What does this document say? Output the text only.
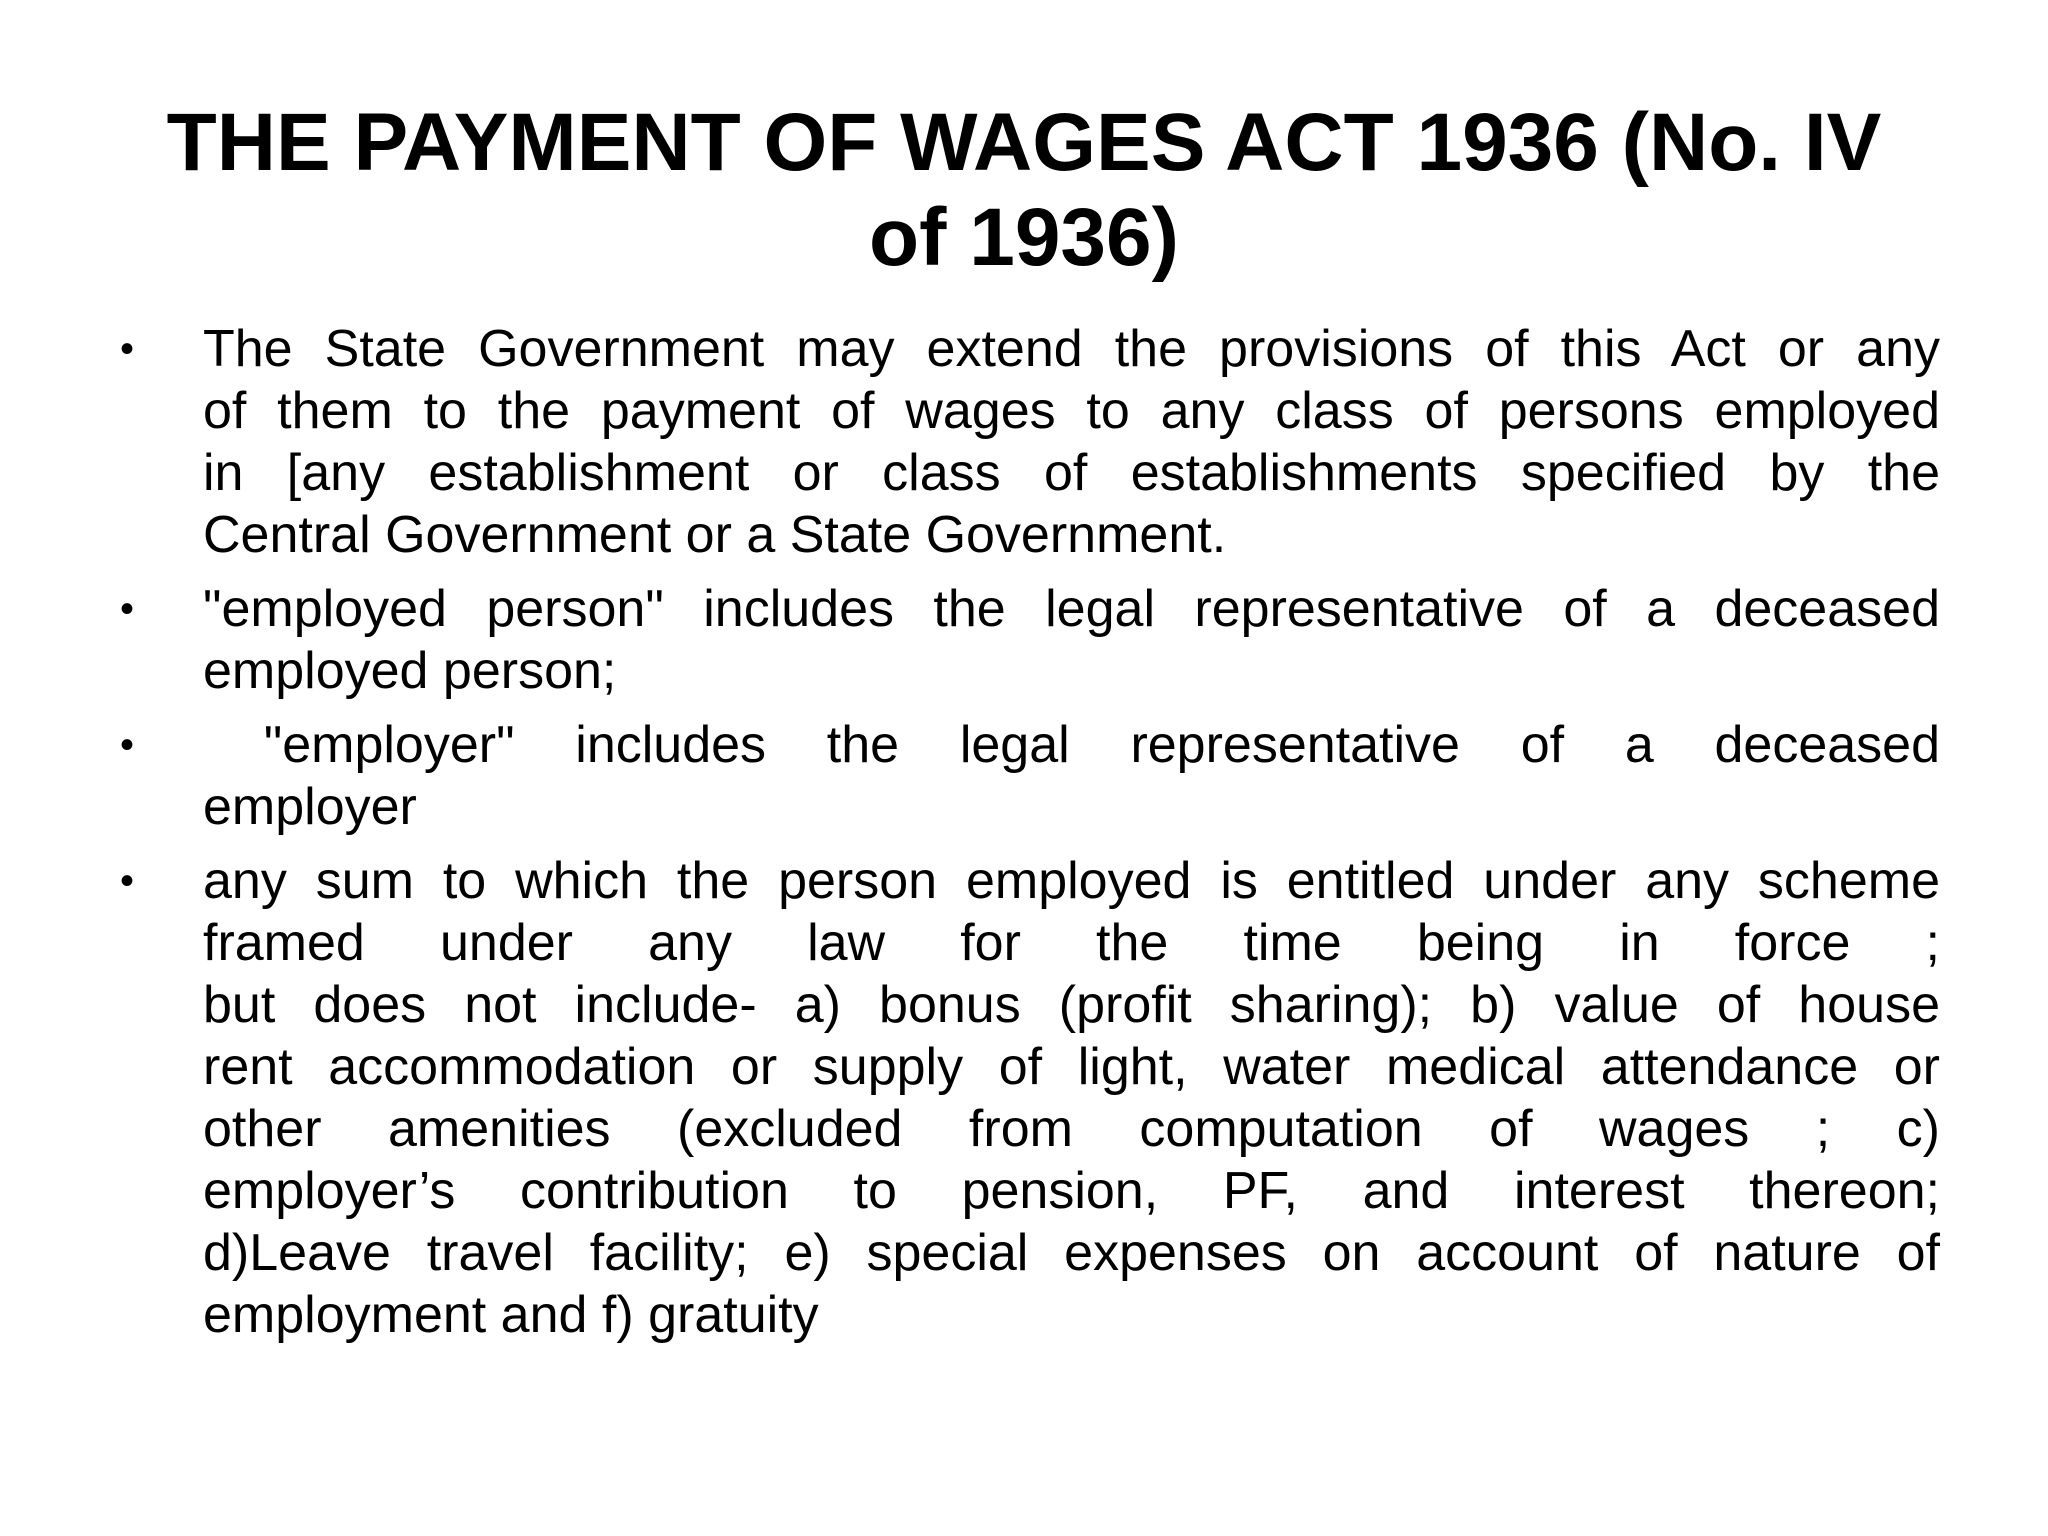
THE PAYMENT OF WAGES ACT 1936 (No. IV of 1936)
•	The State Government may extend the provisions of this Act or any
of them to the payment of wages to any class of persons employed
in [any establishment or class of establishments specified by the
Central Government or a State Government.
•	"employed person" includes the legal representative of a deceased
employed person;
•	"employer" includes the legal representative of a deceased
employer
•	any sum to which the person employed is entitled under any scheme
framed under any law for the time being in force ;
but does not include- a) bonus (profit sharing); b) value of house
rent accommodation or supply of light, water medical attendance or
other amenities (excluded from computation of wages ; c)
employer’s contribution to pension, PF, and interest thereon;
d)Leave travel facility; e) special expenses on account of nature of
employment and f) gratuity
